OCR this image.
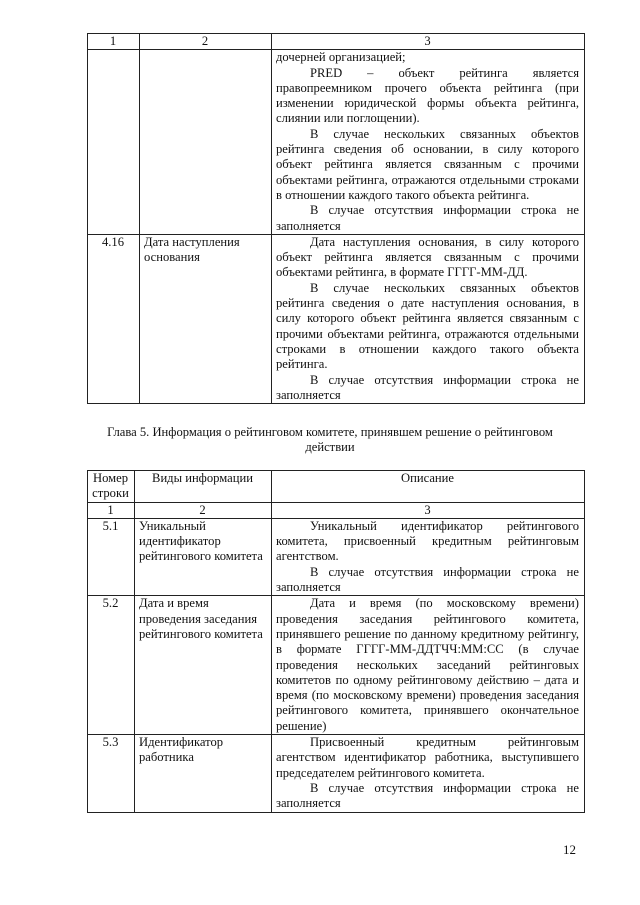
1	2	3

		дочерней организацией;

PRED – объект рейтинга является правопреемником прочего объекта рейтинга (при изменении юридической формы объекта рейтинга, слиянии или поглощении).

В случае нескольких связанных объектов рейтинга сведения об основании, в силу которого объект рейтинга является связанным с прочими объектами рейтинга, отражаются отдельными строками в отношении каждого такого объекта рейтинга.

В случае отсутствия информации строка не заполняется

4.16	Дата наступления основания	Дата наступления основания, в силу которого объект рейтинга является связанным с прочими объектами рейтинга, в формате ГГГГ-ММ-ДД.

В случае нескольких связанных объектов рейтинга сведения о дате наступления основания, в силу которого объект рейтинга является связанным с прочими объектами рейтинга, отражаются отдельными строками в отношении каждого такого объекта рейтинга.

В случае отсутствия информации строка не заполняется

Глава 5. Информация о рейтинговом комитете, принявшем решение о рейтинговом действии
Номер строки	Виды информации	Описание
1	2	3
5.1	Уникальный идентификатор рейтингового комитета	Уникальный идентификатор рейтингового комитета, присвоенный кредитным рейтинговым агентством.

В случае отсутствия информации строка не заполняется

5.2	Дата и время проведения заседания рейтингового комитета	Дата и время (по московскому времени) проведения заседания рейтингового комитета, принявшего решение по данному кредитному рейтингу, в формате ГГГГ-ММ-ДДТЧЧ:ММ:СС (в случае проведения нескольких заседаний рейтинговых комитетов по одному рейтинговому действию – дата и время (по московскому времени) проведения заседания рейтингового комитета, принявшего окончательное решение)

5.3	Идентификатор работника	Присвоенный кредитным рейтинговым агентством идентификатор работника, выступившего председателем рейтингового комитета.

В случае отсутствия информации строка не заполняется

12
